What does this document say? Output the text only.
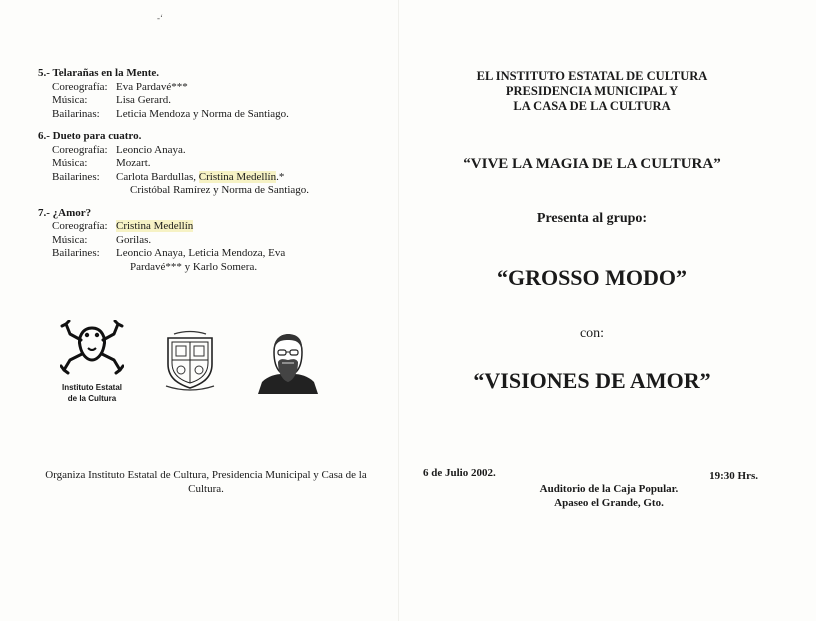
-‘
5.- Telarañas en la Mente.
Coreografía: Eva Pardavé***
Música:	Lisa Gerard.
Bailarinas:	Leticia Mendoza y Norma de Santiago.
6.- Dueto para cuatro.
Coreografía: Leoncio Anaya.
Música:	Mozart.
Bailarines:	Carlota Bardullas, Cristina Medellín.*
Cristóbal Ramírez y Norma de Santiago.
7.- ¿Amor?
Coreografía: Cristina Medellín
Música:	Gorilas.
Bailarines:	Leoncio Anaya, Leticia Mendoza, Eva
Pardavé*** y Karlo Somera.
Instituto Estatal
de la Cultura
Organiza Instituto Estatal de Cultura, Presidencia Municipal y Casa de la Cultura.
EL INSTITUTO ESTATAL DE CULTURA
PRESIDENCIA MUNICIPAL Y
LA CASA DE LA CULTURA
“VIVE LA MAGIA DE LA CULTURA”
Presenta al grupo:
“GROSSO MODO”
con:
“VISIONES DE AMOR”
6 de Julio 2002.	19:30 Hrs.
Auditorio de la Caja Popular.
Apaseo el Grande, Gto.
